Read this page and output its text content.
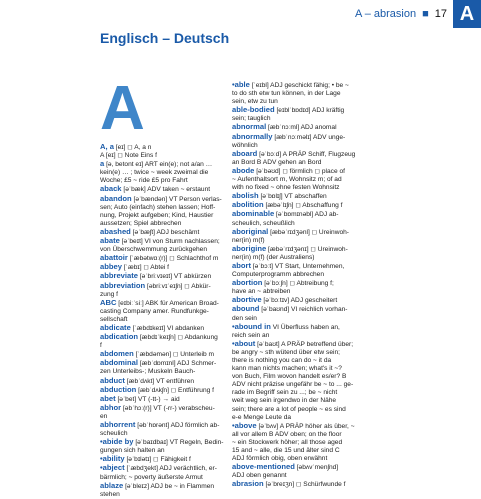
A – abrasion ■ 17 A
Englisch – Deutsch
A
A, a [eɪ] ◻ A, a n
A [eɪ] ◻ Note Eins f
a [ə, betont eɪ] ART ein(e); not a/an …
kein(e) … ; twice ~ week zweimal die
Woche; £5 ~ ride £5 pro Fahrt
aback [əˈbæk] ADV taken ~ erstaunt
abandon [əˈbændən] VT Person verlas-
sen; Auto (einfach) stehen lassen; Hoff-
nung, Projekt aufgeben; Kind, Haustier
aussetzen; Spiel abbrechen
abashed [əˈbæʃt] ADJ beschämt
abate [əˈbeɪt] VI von Sturm nachlassen;
von Überschwemmung zurückgehen
abattoir [ˈæbətwɑː(r)] ◻ Schlachthof m
abbey [ˈæbɪ] ◻ Abtei f
abbreviate [əˈbriːvɪeɪt] VT abkürzen
abbreviation [əbriːvɪˈeɪʃn] ◻ Abkür-
zung f
ABC [eɪbiːˈsiː] ABK für American Broad-
casting Company amer. Rundfunkge-
sellschaft
abdicate [ˈæbdɪkeɪt] VI abdanken
abdication [æbdɪˈkeɪʃn] ◻ Abdankung
f
abdomen [ˈæbdəmən] ◻ Unterleib m
abdominal [æbˈdɒmɪnl] ADJ Schmer-
zen Unterleibs-; Muskeln Bauch-
abduct [æbˈdʌkt] VT entführen
abduction [æbˈdʌkʃn] ◻ Entführung f
abet [əˈbet] VT (-tt-) → aid
abhor [əbˈhɔː(r)] VT (-rr-) verabscheu-
en
abhorrent [əbˈhɒrənt] ADJ förmlich ab-
scheulich
•abide by [əˈbaɪdbaɪ] VT Regeln, Bedin-
gungen sich halten an
•ability [əˈbɪlətɪ] ◻ Fähigkeit f
•abject [ˈæbdʒekt] ADJ verächtlich, er-
bärmlich; ~ poverty äußerste Armut
ablaze [əˈbleɪz] ADJ be ~ in Flammen
stehen
•able [ˈeɪbl] ADJ geschickt fähig; • be ~
to do sth etw tun können, in der Lage
sein, etw zu tun
able-bodied [eɪblˈbɒdɪd] ADJ kräftig
sein; tauglich
abnormal [æbˈnɔːml] ADJ anomal
abnormally [æbˈnɔːməlɪ] ADV unge-
wöhnlich
aboard [əˈbɔːd] A PRÄP Schiff, Flugzeug
an Bord B ADV gehen an Bord
abode [əˈbəʊd] ◻ förmlich ◻ place of
~ Aufenthaltsort m, Wohnsitz m; of ad
with no fixed ~ ohne festen Wohnsitz
abolish [əˈbɒlɪʃ] VT abschaffen
abolition [æbəˈlɪʃn] ◻ Abschaffung f
abominable [əˈbɒmɪnəbl] ADJ ab-
scheulich, scheußlich
aboriginal [æbəˈrɪdʒənl] ◻ Ureinwoh-
ner(in) m(f)
aborigine [æbəˈrɪdʒənɪ] ◻ Ureinwoh-
ner(in) m(f) (der Australiens)
abort [əˈbɔːt] VT Start, Unternehmen,
Computerprogramm abbrechen
abortion [əˈbɔːʃn] ◻ Abtreibung f;
have an ~ abtreiben
abortive [əˈbɔːtɪv] ADJ gescheitert
abound [əˈbaʊnd] VI reichlich vorhan-
den sein
•abound in VI Überfluss haben an,
reich sein an
•about [əˈbaʊt] A PRÄP betreffend über;
be angry ~ sth wütend über etw sein;
there is nothing you can do ~ it da
kann man nichts machen; what's it ~?
von Buch, Film wovon handelt es/er? B
ADV nicht präzise ungefähr be ~ to ... ge-
rade im Begriff sein zu ...; be ~ nicht
weit weg sein irgendwo in der Nähe
sein; there are a lot of people ~ es sind
e-e Menge Leute da
•above [əˈbʌv] A PRÄP höher als über, ~
all vor allem B ADV oben; on the floor
~ ein Stockwerk höher; all those aged
15 and ~ alle, die 15 und älter sind C
ADJ förmlich obig, oben erwähnt
above-mentioned [əbʌvˈmenʃnd]
ADJ oben genannt
abrasion [əˈbreɪʒn] ◻ Schürfwunde f
